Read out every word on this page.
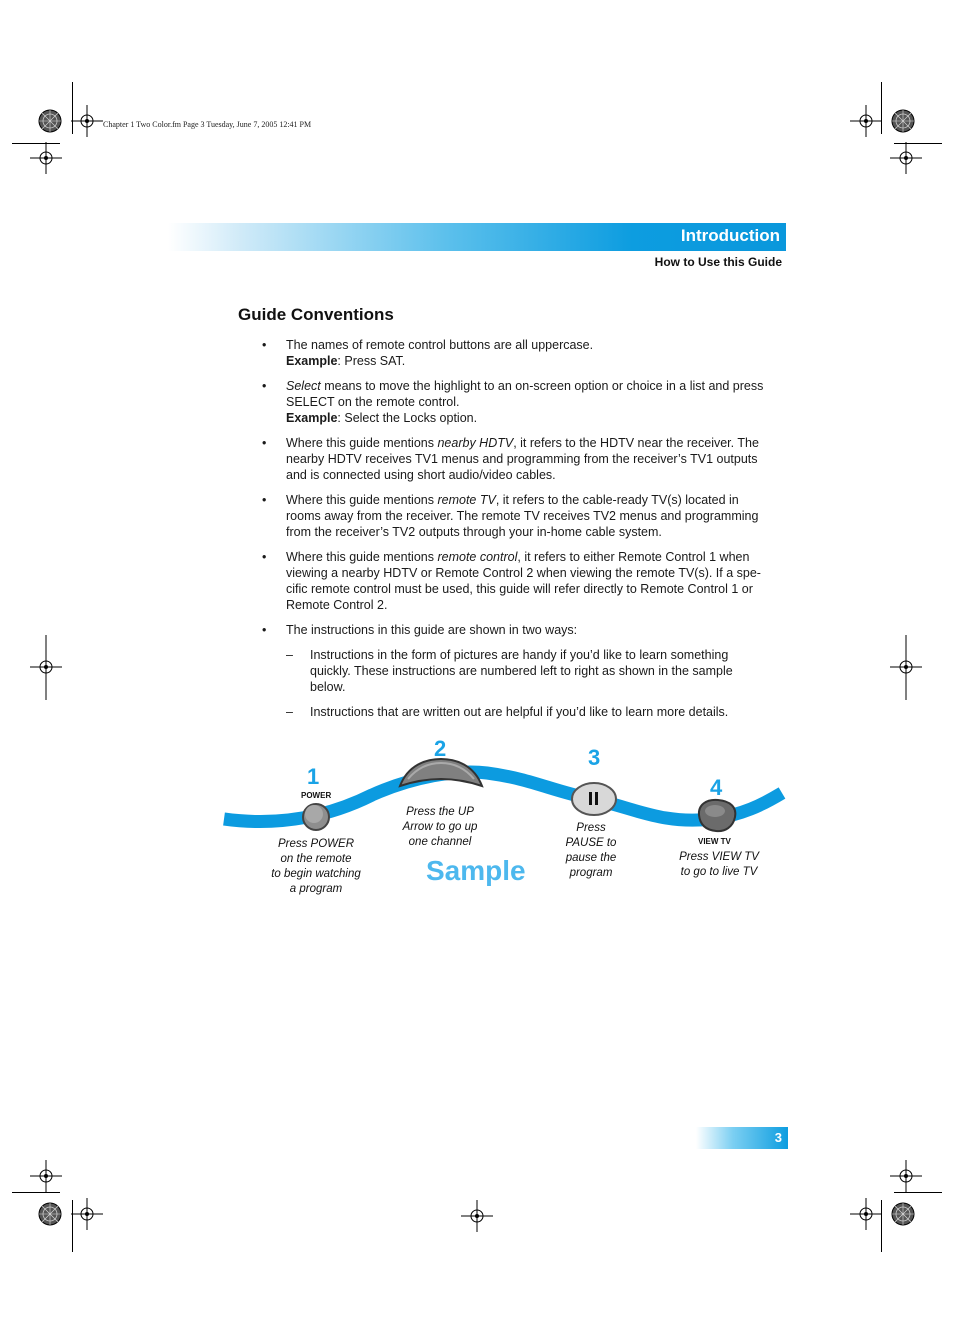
Chapter 1 Two Color.fm Page 3 Tuesday, June 7, 2005 12:41 PM
Introduction
How to Use this Guide
Guide Conventions
• The names of remote control buttons are all uppercase.
Example: Press SAT.
• Select means to move the highlight to an on-screen option or choice in a list and press
SELECT on the remote control.
Example: Select the Locks option.
• Where this guide mentions nearby HDTV, it refers to the HDTV near the receiver. The
nearby HDTV receives TV1 menus and programming from the receiver’s TV1 outputs
and is connected using short audio/video cables.
• Where this guide mentions remote TV, it refers to the cable-ready TV(s) located in
rooms away from the receiver. The remote TV receives TV2 menus and programming
from the receiver’s TV2 outputs through your in-home cable system.
• Where this guide mentions remote control, it refers to either Remote Control 1 when
viewing a nearby HDTV or Remote Control 2 when viewing the remote TV(s). If a spe-
cific remote control must be used, this guide will refer directly to Remote Control 1 or
Remote Control 2.
• The instructions in this guide are shown in two ways:
– Instructions in the form of pictures are handy if you’d like to learn something
quickly. These instructions are numbered left to right as shown in the sample
below.
– Instructions that are written out are helpful if you’d like to learn more details.
1
POWER
Press POWER
on the remote
to begin watching
a program
2
Press the UP
Arrow to go up
one channel
3
Press
PAUSE to
pause the
program
4
VIEW TV
Press VIEW TV
to go to live TV
Sample
3
